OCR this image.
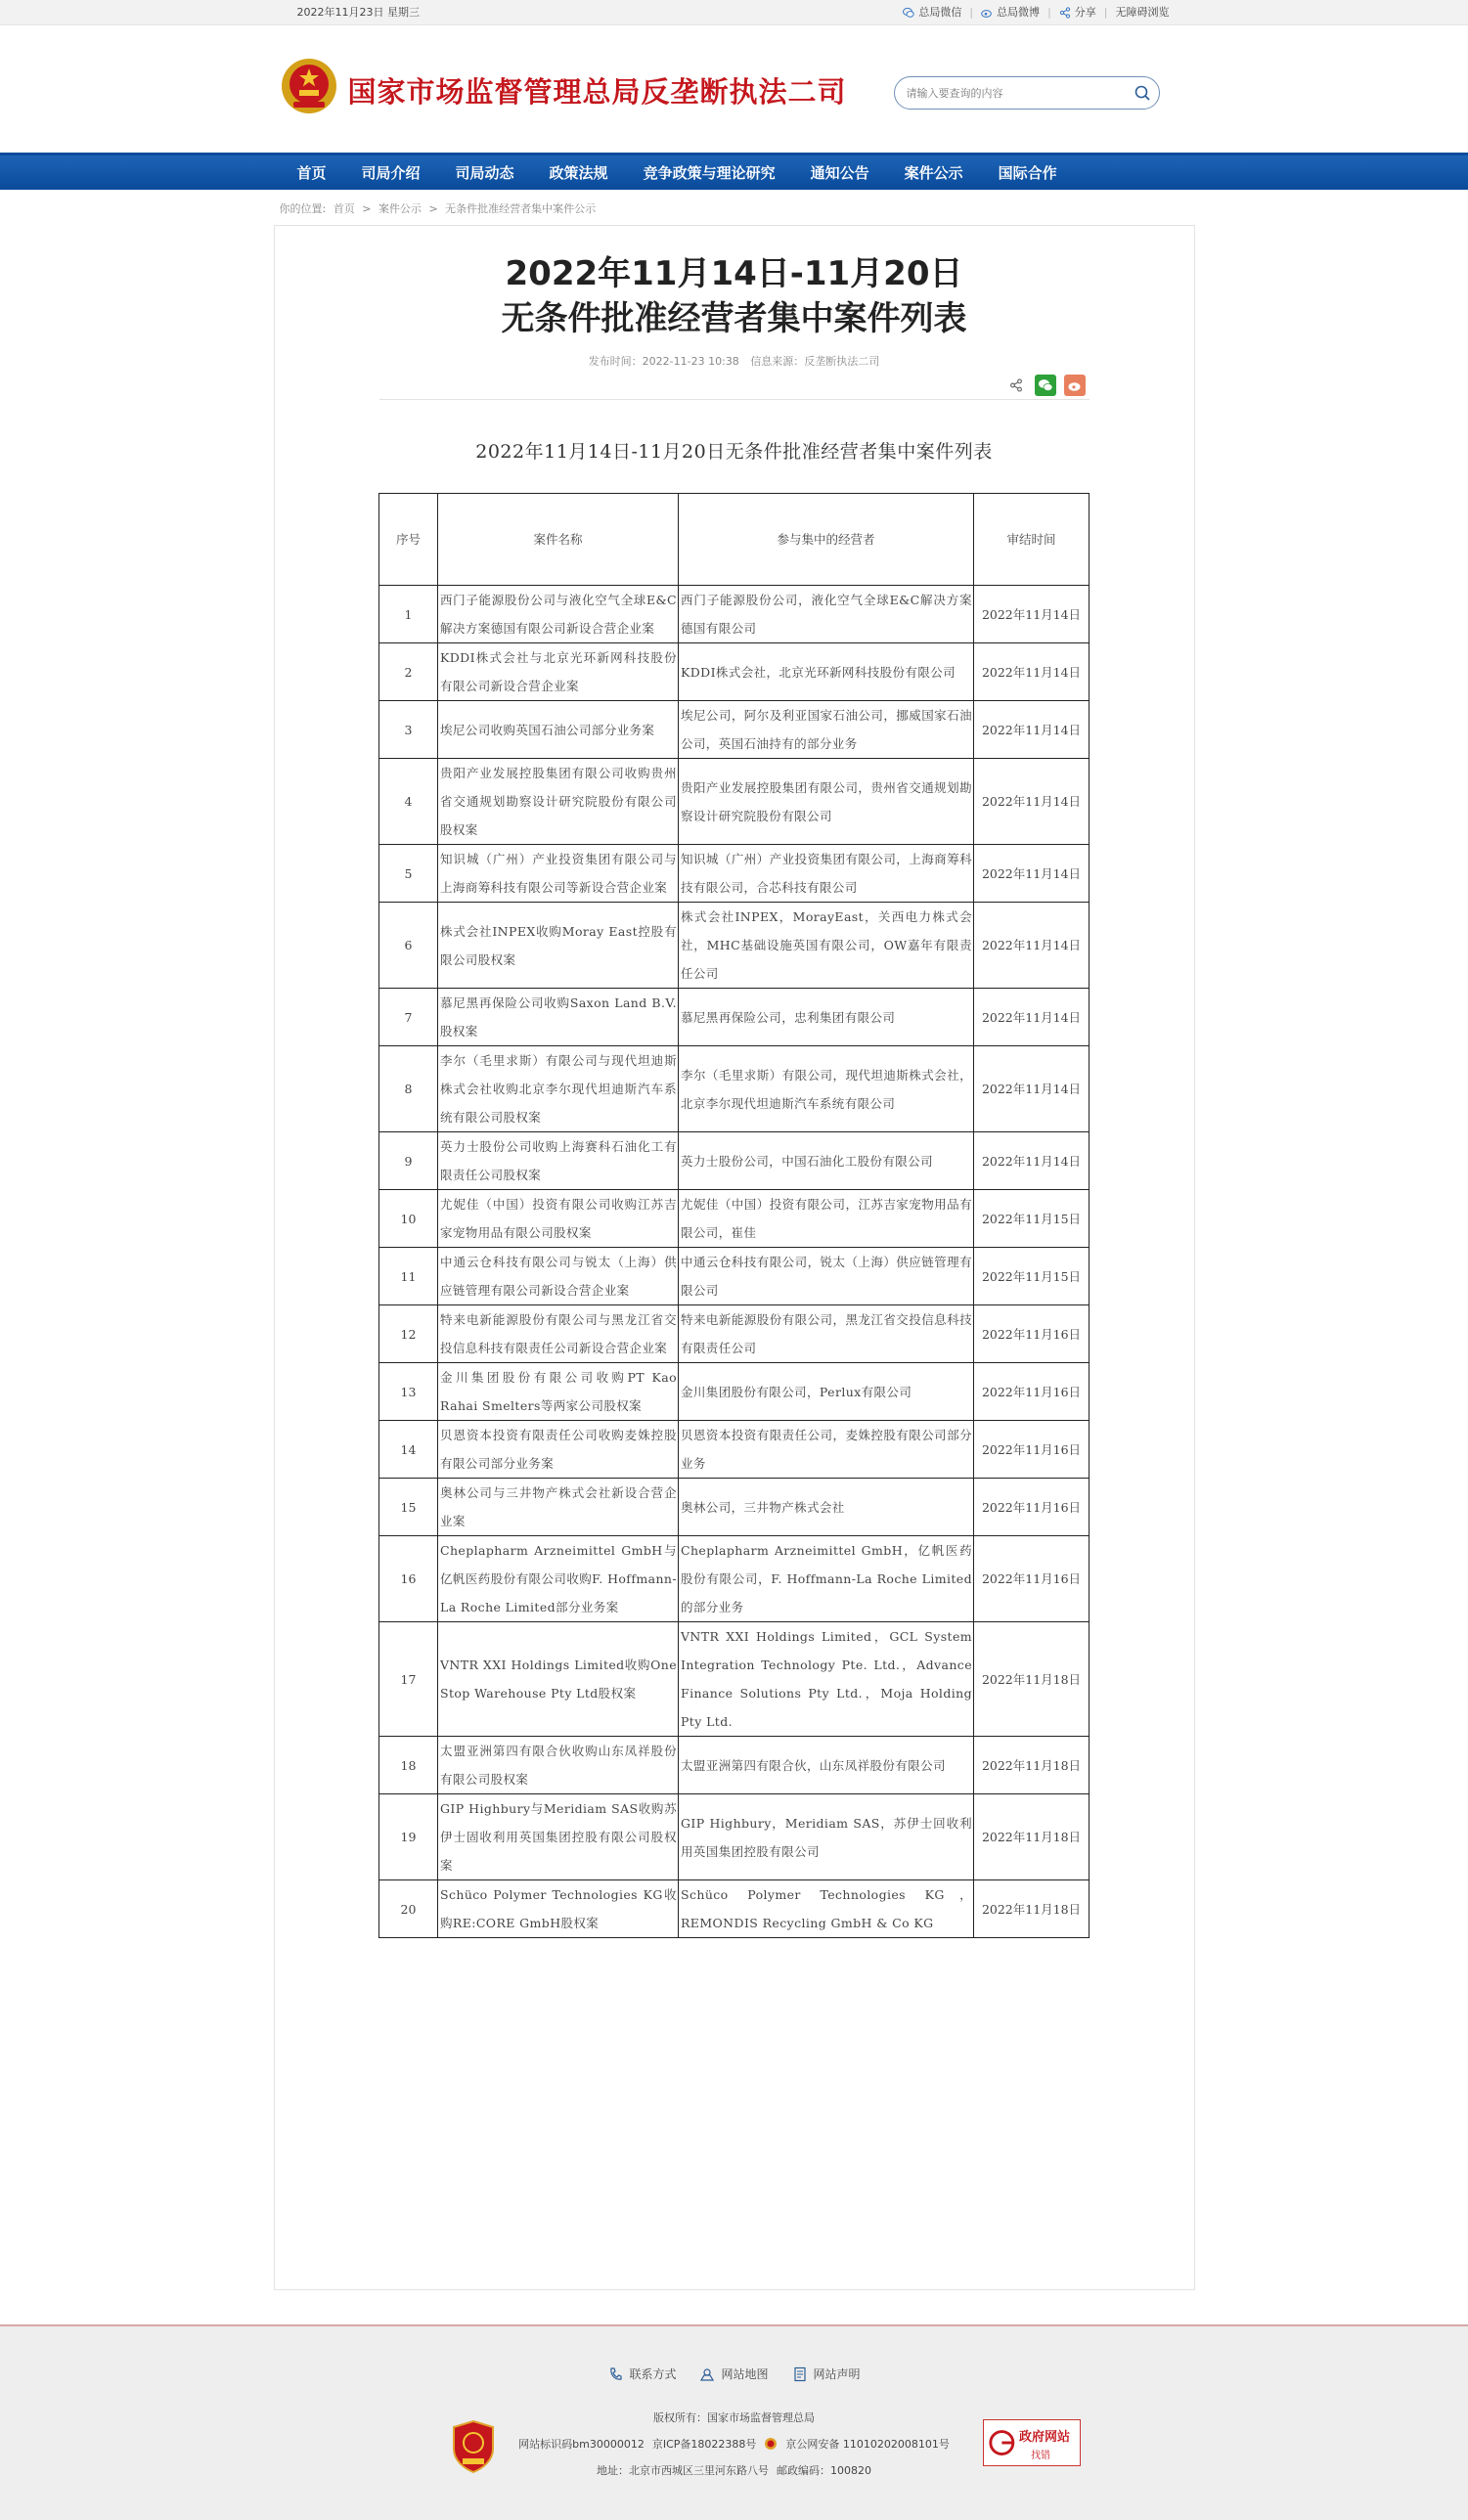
2022年11月23日 星期三	总局微信 | 总局微博 | 分享 | 无障碍浏览
国家市场监督管理总局反垄断执法二司
请输入要查询的内容
首页	司局介绍	司局动态	政策法规	竞争政策与理论研究	通知公告	案件公示	国际合作
你的位置: 首页 > 案件公示 > 无条件批准经营者集中案件公示
2022年11月14日-11月20日
无条件批准经营者集中案件列表
发布时间：2022-11-23 10:38 信息来源：反垄断执法二司
2022年11月14日-11月20日无条件批准经营者集中案件列表
序号	案件名称	参与集中的经营者	审结时间
1	西门子能源股份公司与液化空气全球E&C解决方案德国有限公司新设合营企业案	西门子能源股份公司，液化空气全球E&C解决方案德国有限公司	2022年11月14日
2	KDDI株式会社与北京光环新网科技股份有限公司新设合营企业案	KDDI株式会社，北京光环新网科技股份有限公司	2022年11月14日
3	埃尼公司收购英国石油公司部分业务案	埃尼公司，阿尔及利亚国家石油公司，挪威国家石油公司，英国石油持有的部分业务	2022年11月14日
4	贵阳产业发展控股集团有限公司收购贵州省交通规划勘察设计研究院股份有限公司股权案	贵阳产业发展控股集团有限公司，贵州省交通规划勘察设计研究院股份有限公司	2022年11月14日
5	知识城（广州）产业投资集团有限公司与上海商筹科技有限公司等新设合营企业案	知识城（广州）产业投资集团有限公司，上海商筹科技有限公司，合芯科技有限公司	2022年11月14日
6	株式会社INPEX收购Moray East控股有限公司股权案	株式会社INPEX，MorayEast，关西电力株式会社，MHC基础设施英国有限公司，OW嘉年有限责任公司	2022年11月14日
7	慕尼黑再保险公司收购Saxon Land B.V.股权案	慕尼黑再保险公司，忠利集团有限公司	2022年11月14日
8	李尔（毛里求斯）有限公司与现代坦迪斯株式会社收购北京李尔现代坦迪斯汽车系统有限公司股权案	李尔（毛里求斯）有限公司，现代坦迪斯株式会社，北京李尔现代坦迪斯汽车系统有限公司	2022年11月14日
9	英力士股份公司收购上海赛科石油化工有限责任公司股权案	英力士股份公司，中国石油化工股份有限公司	2022年11月14日
10	尤妮佳（中国）投资有限公司收购江苏吉家宠物用品有限公司股权案	尤妮佳（中国）投资有限公司，江苏吉家宠物用品有限公司，崔佳	2022年11月15日
11	中通云仓科技有限公司与锐太（上海）供应链管理有限公司新设合营企业案	中通云仓科技有限公司，锐太（上海）供应链管理有限公司	2022年11月15日
12	特来电新能源股份有限公司与黑龙江省交投信息科技有限责任公司新设合营企业案	特来电新能源股份有限公司，黑龙江省交投信息科技有限责任公司	2022年11月16日
13	金川集团股份有限公司收购PT Kao Rahai Smelters等两家公司股权案	金川集团股份有限公司，Perlux有限公司	2022年11月16日
14	贝恩资本投资有限责任公司收购麦姝控股有限公司部分业务案	贝恩资本投资有限责任公司，麦姝控股有限公司部分业务	2022年11月16日
15	奥林公司与三井物产株式会社新设合营企业案	奥林公司，三井物产株式会社	2022年11月16日
16	Cheplapharm Arzneimittel GmbH与亿帆医药股份有限公司收购F. Hoffmann-La Roche Limited部分业务案	Cheplapharm Arzneimittel GmbH，亿帆医药股份有限公司，F. Hoffmann-La Roche Limited的部分业务	2022年11月16日
17	VNTR XXI Holdings Limited收购One Stop Warehouse Pty Ltd股权案	VNTR XXI Holdings Limited，GCL System Integration Technology Pte. Ltd.，Advance Finance Solutions Pty Ltd.，Moja Holding Pty Ltd.	2022年11月18日
18	太盟亚洲第四有限合伙收购山东凤祥股份有限公司股权案	太盟亚洲第四有限合伙，山东凤祥股份有限公司	2022年11月18日
19	GIP Highbury与Meridiam SAS收购苏伊士固收利用英国集团控股有限公司股权案	GIP Highbury，Meridiam SAS，苏伊士回收利用英国集团控股有限公司	2022年11月18日
20	Schüco Polymer Technologies KG收购RE:CORE GmbH股权案	Schüco Polymer Technologies KG，REMONDIS Recycling GmbH & Co KG	2022年11月18日
联系方式	网站地图	网站声明
版权所有：国家市场监督管理总局
网站标识码bm30000012 京ICP备18022388号	京公网安备 11010202008101号
地址：北京市西城区三里河东路八号 邮政编码：100820
政府网站
找错
